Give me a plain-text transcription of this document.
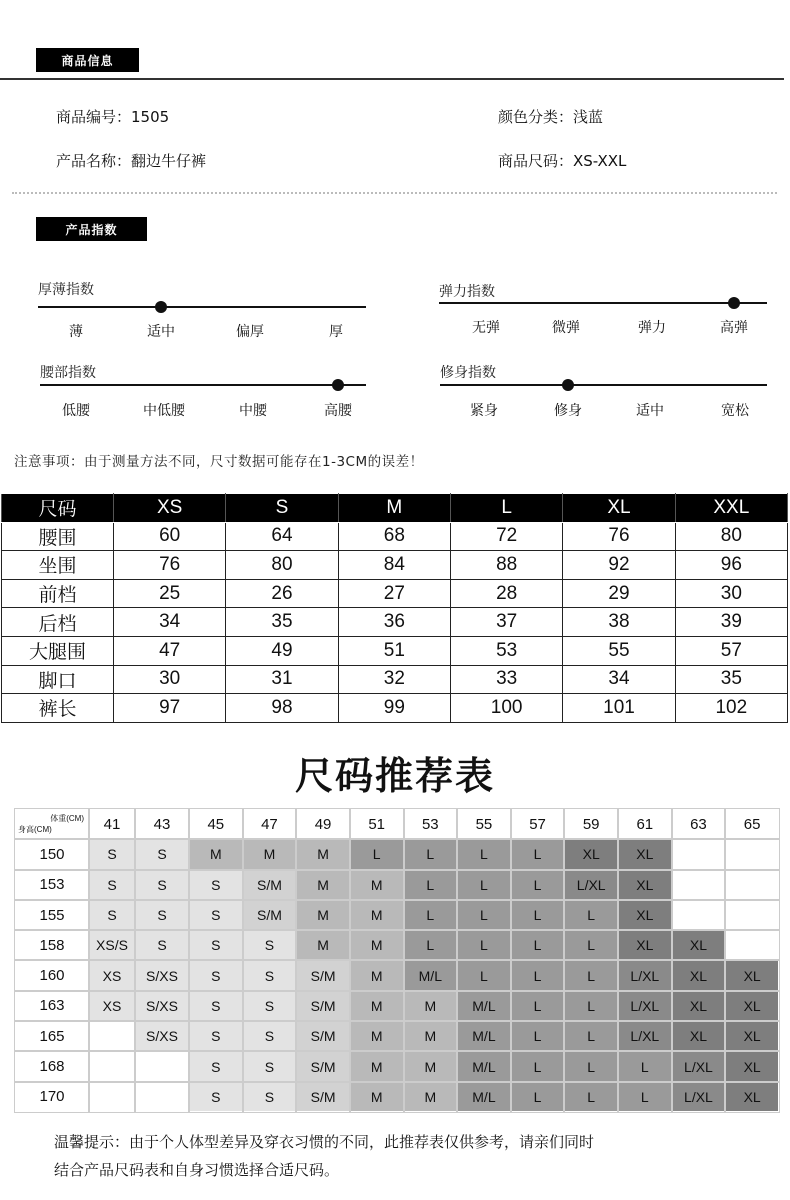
商品信息
商品编号：1505	颜色分类：浅蓝
产品名称：翻边牛仔裤	商品尺码：XS-XXL
产品指数
厚薄指数
薄	适中	偏厚	厚
弹力指数
无弹	微弹	弹力	高弹
腰部指数
低腰	中低腰	中腰	高腰
修身指数
紧身	修身	适中	宽松
注意事项：由于测量方法不同，尺寸数据可能存在1-3CM的误差！
尺码	XS	S	M	L	XL	XXL
腰围	60	64	68	72	76	80
坐围	76	80	84	88	92	96
前档	25	26	27	28	29	30
后档	34	35	36	37	38	39
大腿围	47	49	51	53	55	57
脚口	30	31	32	33	34	35
裤长	97	98	99	100	101	102
尺码推荐表
体重(CM)
身高(CM)	41	43	45	47	49	51	53	55	57	59	61	63	65
150	S	S	M	M	M	L	L	L	L	XL	XL		
153	S	S	S	S/M	M	M	L	L	L	L/XL	XL		
155	S	S	S	S/M	M	M	L	L	L	L	XL		
158	XS/S	S	S	S	M	M	L	L	L	L	XL	XL	
160	XS	S/XS	S	S	S/M	M	M/L	L	L	L	L/XL	XL	XL
163	XS	S/XS	S	S	S/M	M	M	M/L	L	L	L/XL	XL	XL
165		S/XS	S	S	S/M	M	M	M/L	L	L	L/XL	XL	XL
168			S	S	S/M	M	M	M/L	L	L	L	L/XL	XL
170			S	S	S/M	M	M	M/L	L	L	L	L/XL	XL
温馨提示：由于个人体型差异及穿衣习惯的不同，此推荐表仅供参考，请亲们同时
结合产品尺码表和自身习惯选择合适尺码。
